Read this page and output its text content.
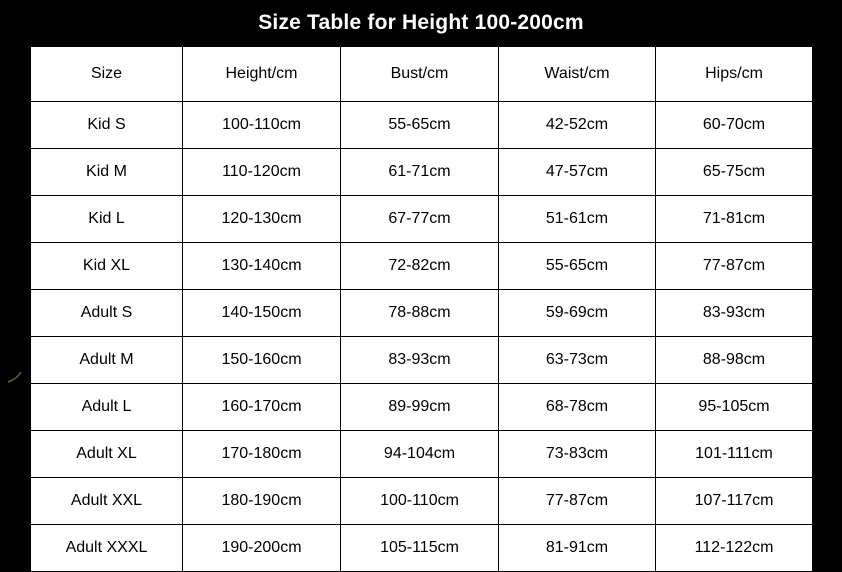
Size Table for Height 100-200cm
Size	Height/cm	Bust/cm	Waist/cm	Hips/cm
Kid S	100-110cm	55-65cm	42-52cm	60-70cm
Kid M	110-120cm	61-71cm	47-57cm	65-75cm
Kid L	120-130cm	67-77cm	51-61cm	71-81cm
Kid XL	130-140cm	72-82cm	55-65cm	77-87cm
Adult S	140-150cm	78-88cm	59-69cm	83-93cm
Adult M	150-160cm	83-93cm	63-73cm	88-98cm
Adult L	160-170cm	89-99cm	68-78cm	95-105cm
Adult XL	170-180cm	94-104cm	73-83cm	101-111cm
Adult XXL	180-190cm	100-110cm	77-87cm	107-117cm
Adult XXXL	190-200cm	105-115cm	81-91cm	112-122cm
